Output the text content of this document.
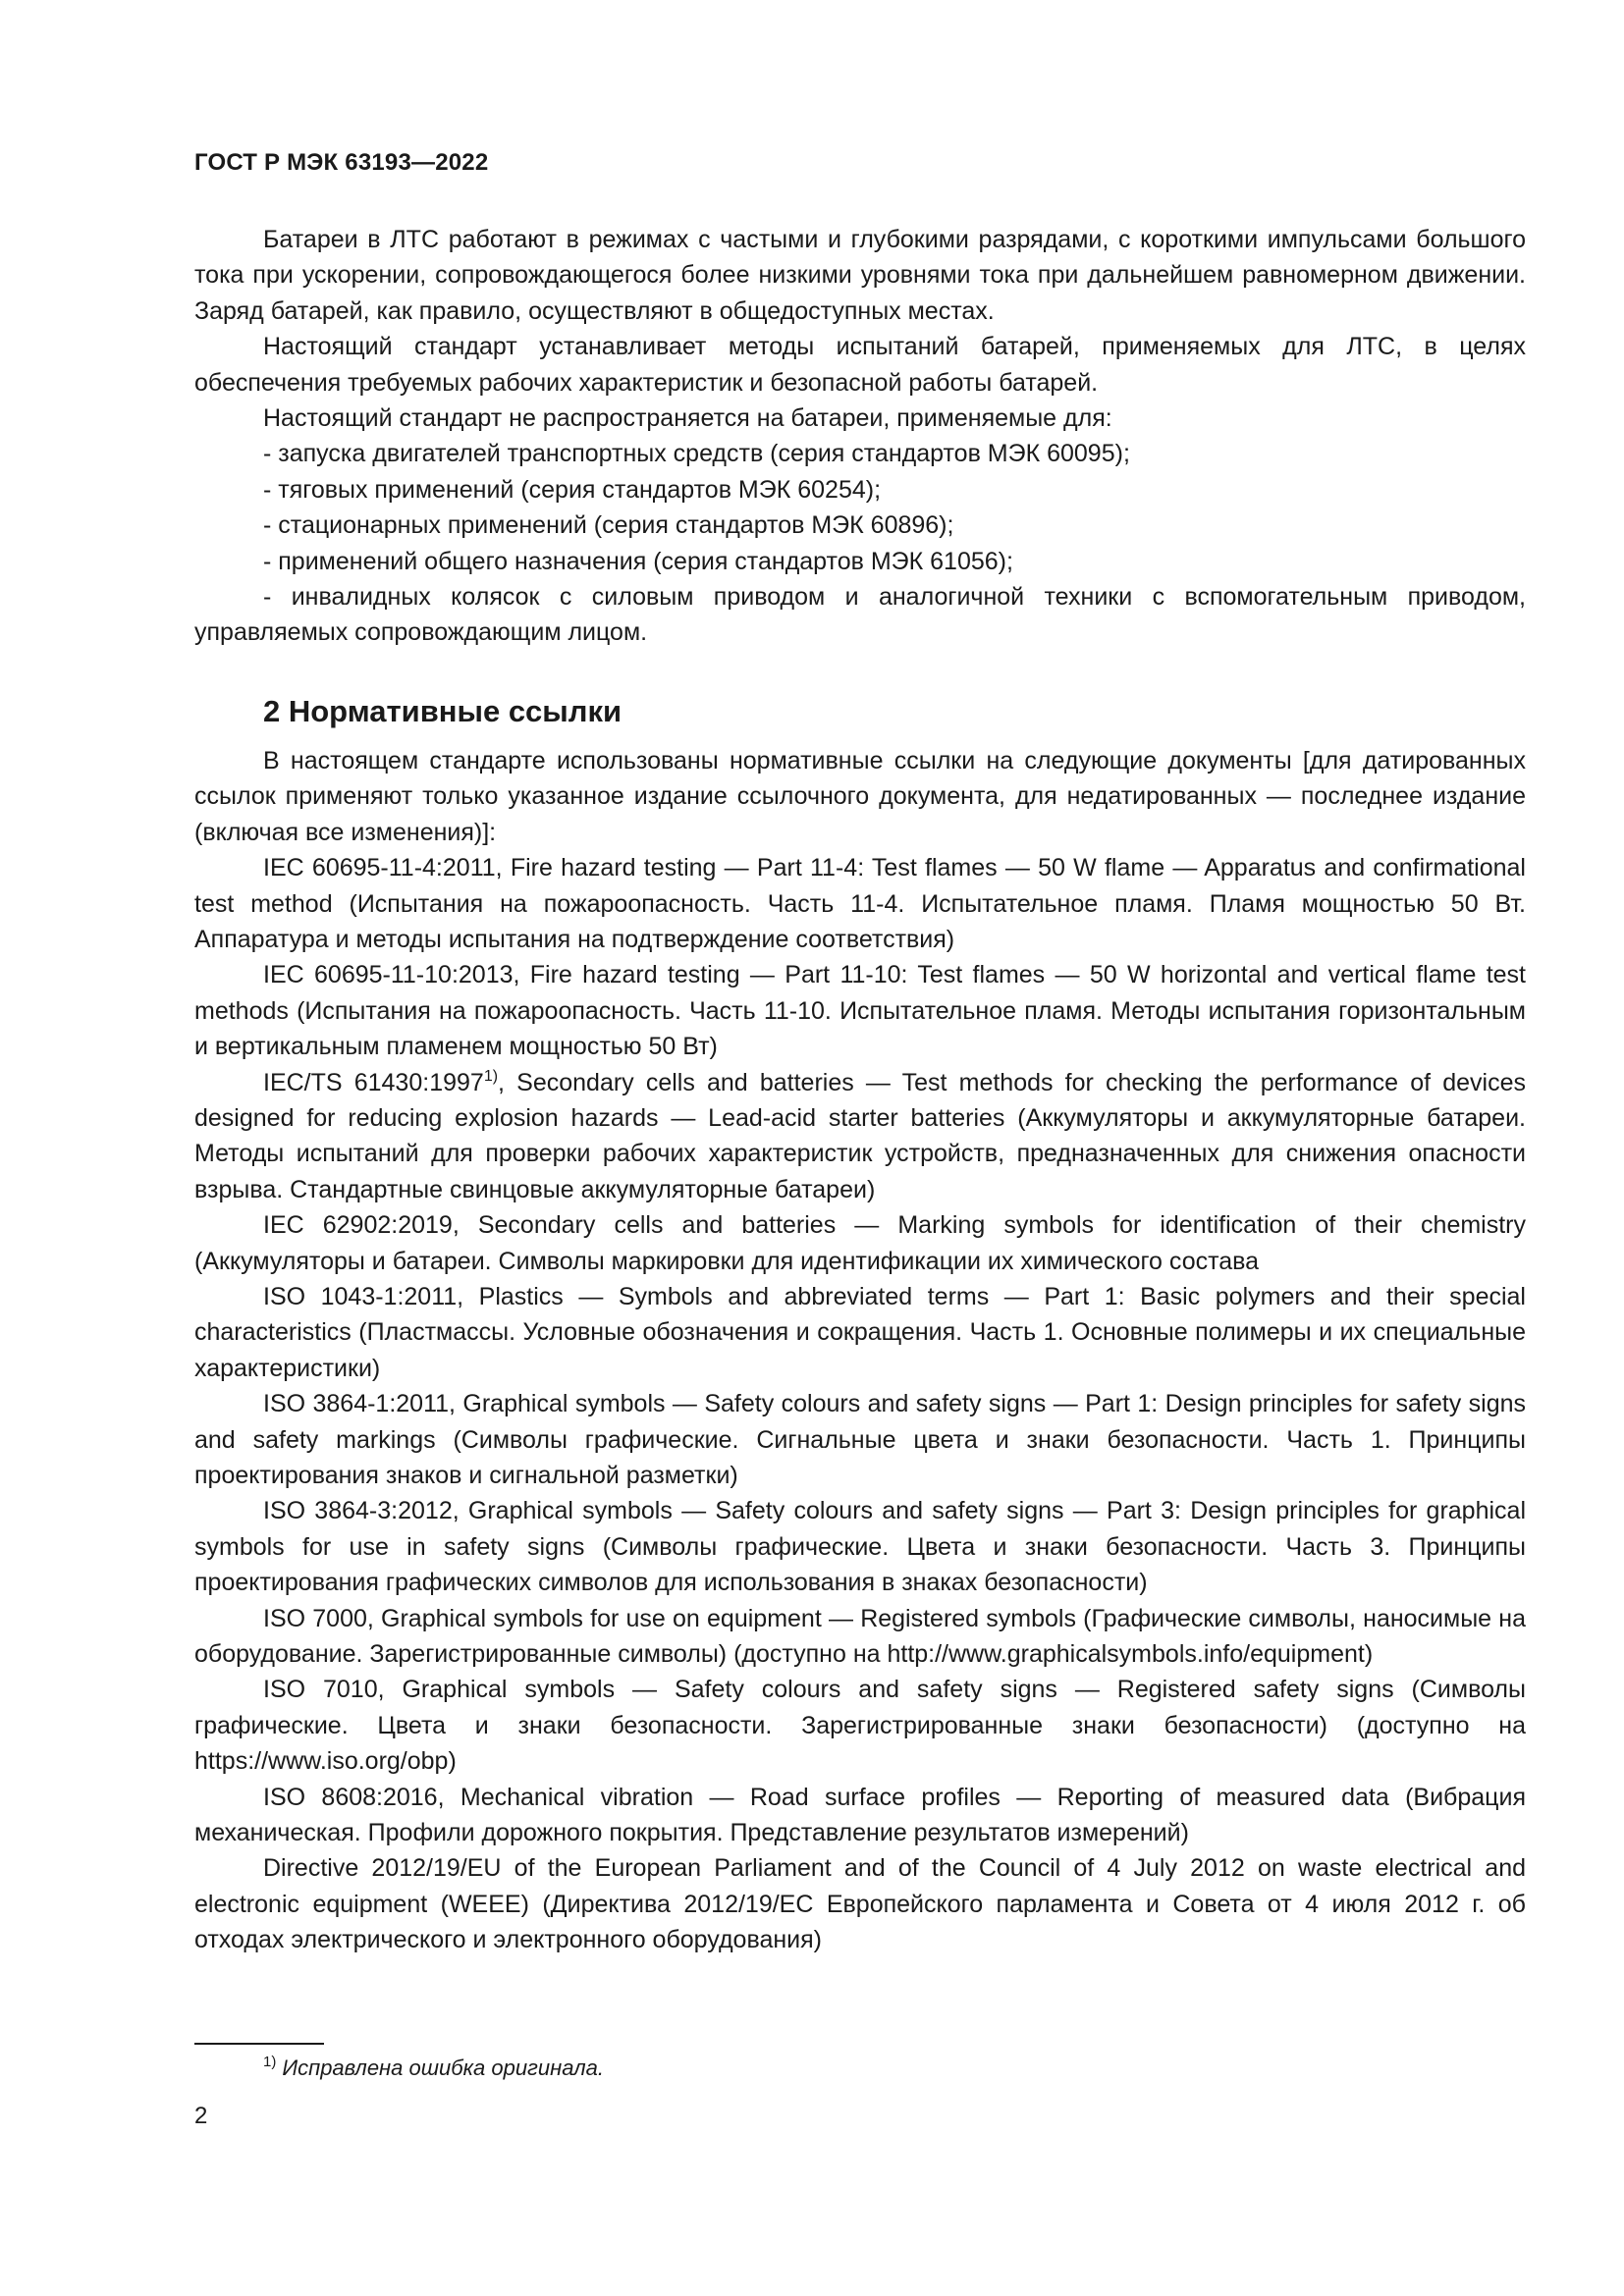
ГОСТ Р МЭК 63193—2022

Батареи в ЛТС работают в режимах с частыми и глубокими разрядами, с короткими импульсами большого тока при ускорении, сопровождающегося более низкими уровнями тока при дальнейшем равномерном движении. Заряд батарей, как правило, осуществляют в общедоступных местах.

Настоящий стандарт устанавливает методы испытаний батарей, применяемых для ЛТС, в целях обеспечения требуемых рабочих характеристик и безопасной работы батарей.

Настоящий стандарт не распространяется на батареи, применяемые для:

- запуска двигателей транспортных средств (серия стандартов МЭК 60095);

- тяговых применений (серия стандартов МЭК 60254);

- стационарных применений (серия стандартов МЭК 60896);

- применений общего назначения (серия стандартов МЭК 61056);

- инвалидных колясок с силовым приводом и аналогичной техники с вспомогательным приводом, управляемых сопровождающим лицом.

2 Нормативные ссылки

В настоящем стандарте использованы нормативные ссылки на следующие документы [для датированных ссылок применяют только указанное издание ссылочного документа, для недатированных — последнее издание (включая все изменения)]:

IEC 60695-11-4:2011, Fire hazard testing — Part 11-4: Test flames — 50 W flame — Apparatus and confirmational test method (Испытания на пожароопасность. Часть 11-4. Испытательное пламя. Пламя мощностью 50 Вт. Аппаратура и методы испытания на подтверждение соответствия)

IEC 60695-11-10:2013, Fire hazard testing — Part 11-10: Test flames — 50 W horizontal and vertical flame test methods (Испытания на пожароопасность. Часть 11-10. Испытательное пламя. Методы испытания горизонтальным и вертикальным пламенем мощностью 50 Вт)

IEC/TS 61430:1997$^{1)}$, Secondary cells and batteries — Test methods for checking the performance of devices designed for reducing explosion hazards — Lead-acid starter batteries (Аккумуляторы и аккумуляторные батареи. Методы испытаний для проверки рабочих характеристик устройств, предназначенных для снижения опасности взрыва. Стандартные свинцовые аккумуляторные батареи)

IEC 62902:2019, Secondary cells and batteries — Marking symbols for identification of their chemistry (Аккумуляторы и батареи. Символы маркировки для идентификации их химического состава

ISO 1043-1:2011, Plastics — Symbols and abbreviated terms — Part 1: Basic polymers and their special characteristics (Пластмассы. Условные обозначения и сокращения. Часть 1. Основные полимеры и их специальные характеристики)

ISO 3864-1:2011, Graphical symbols — Safety colours and safety signs — Part 1: Design principles for safety signs and safety markings (Символы графические. Сигнальные цвета и знаки безопасности. Часть 1. Принципы проектирования знаков и сигнальной разметки)

ISO 3864-3:2012, Graphical symbols — Safety colours and safety signs — Part 3: Design principles for graphical symbols for use in safety signs (Символы графические. Цвета и знаки безопасности. Часть 3. Принципы проектирования графических символов для использования в знаках безопасности)

ISO 7000, Graphical symbols for use on equipment — Registered symbols (Графические символы, наносимые на оборудование. Зарегистрированные символы) (доступно на http://www.graphicalsymbols.info/equipment)

ISO 7010, Graphical symbols — Safety colours and safety signs — Registered safety signs (Символы графические. Цвета и знаки безопасности. Зарегистрированные знаки безопасности) (доступно на https://www.iso.org/obp)

ISO 8608:2016, Mechanical vibration — Road surface profiles — Reporting of measured data (Вибрация механическая. Профили дорожного покрытия. Представление результатов измерений)

Directive 2012/19/EU of the European Parliament and of the Council of 4 July 2012 on waste electrical and electronic equipment (WEEE) (Директива 2012/19/ЕС Европейского парламента и Совета от 4 июля 2012 г. об отходах электрического и электронного оборудования)

$^{1)}$ Исправлена ошибка оригинала.
2
